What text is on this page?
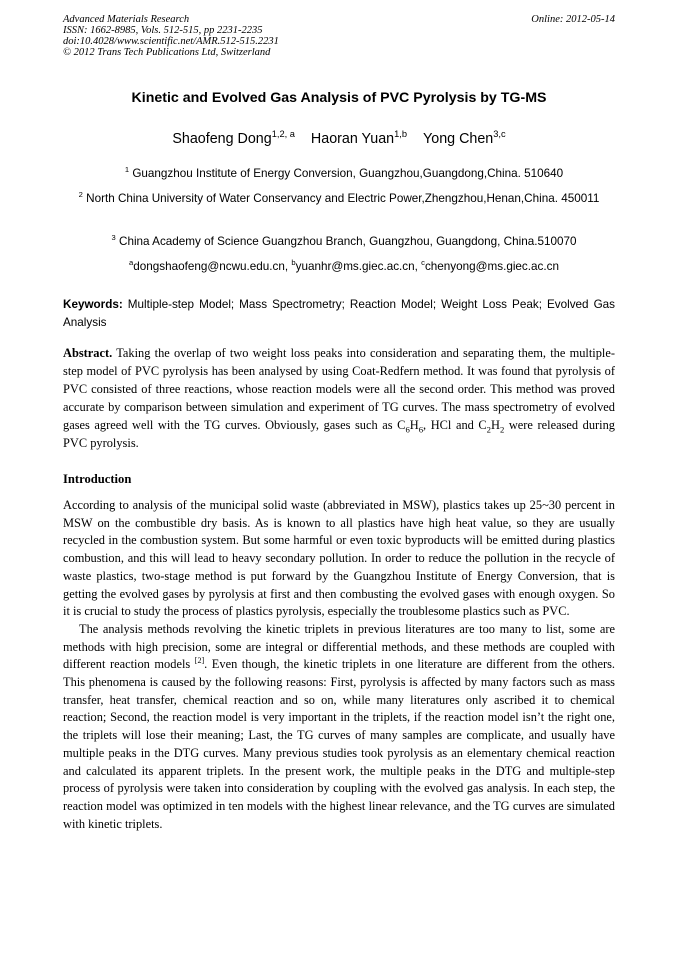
Advanced Materials Research
ISSN: 1662-8985, Vols. 512-515, pp 2231-2235
doi:10.4028/www.scientific.net/AMR.512-515.2231
© 2012 Trans Tech Publications Ltd, Switzerland
Online: 2012-05-14
Kinetic and Evolved Gas Analysis of PVC Pyrolysis by TG-MS
Shaofeng Dong$^{1,2, a}$ Haoran Yuan$^{1,b}$ Yong Chen$^{3,c}$
$^1$ Guangzhou Institute of Energy Conversion, Guangzhou,Guangdong,China. 510640
$^2$ North China University of Water Conservancy and Electric Power,Zhengzhou,Henan,China. 450011
$^3$ China Academy of Science Guangzhou Branch, Guangzhou, Guangdong, China.510070
$^a$dongshaofeng@ncwu.edu.cn, $^b$yuanhr@ms.giec.ac.cn, $^c$chenyong@ms.giec.ac.cn
Keywords: Multiple-step Model; Mass Spectrometry; Reaction Model; Weight Loss Peak; Evolved Gas Analysis
Abstract. Taking the overlap of two weight loss peaks into consideration and separating them, the multiple-step model of PVC pyrolysis has been analysed by using Coat-Redfern method. It was found that pyrolysis of PVC consisted of three reactions, whose reaction models were all the second order. This method was proved accurate by comparison between simulation and experiment of TG curves. The mass spectrometry of evolved gases agreed well with the TG curves. Obviously, gases such as $C_6H_6$, HCl and $C_2H_2$ were released during PVC pyrolysis.
Introduction

According to analysis of the municipal solid waste (abbreviated in MSW), plastics takes up 25~30 percent in MSW on the combustible dry basis. As is known to all plastics have high heat value, so they are usually recycled in the combustion system. But some harmful or even toxic byproducts will be emitted during plastics combustion, and this will lead to heavy secondary pollution. In order to reduce the pollution in the recycle of waste plastics, two-stage method is put forward by the Guangzhou Institute of Energy Conversion, that is getting the evolved gases by pyrolysis at first and then combusting the evolved gases with enough oxygen. So it is crucial to study the process of plastics pyrolysis, especially the troublesome plastics such as PVC.

The analysis methods revolving the kinetic triplets in previous literatures are too many to list, some are methods with high precision, some are integral or differential methods, and these methods are coupled with different reaction models [2]. Even though, the kinetic triplets in one literature are different from the others. This phenomena is caused by the following reasons: First, pyrolysis is affected by many factors such as mass transfer, heat transfer, chemical reaction and so on, while many literatures only ascribed it to chemical reaction; Second, the reaction model is very important in the triplets, if the reaction model isn’t the right one, the triplets will lose their meaning; Last, the TG curves of many samples are complicate, and usually have multiple peaks in the DTG curves. Many previous studies took pyrolysis as an elementary chemical reaction and calculated its apparent triplets. In the present work, the multiple peaks in the DTG and multiple-step process of pyrolysis were taken into consideration by coupling with the evolved gas analysis. In each step, the reaction model was optimized in ten models with the highest linear relevance, and the TG curves are simulated with kinetic triplets.
